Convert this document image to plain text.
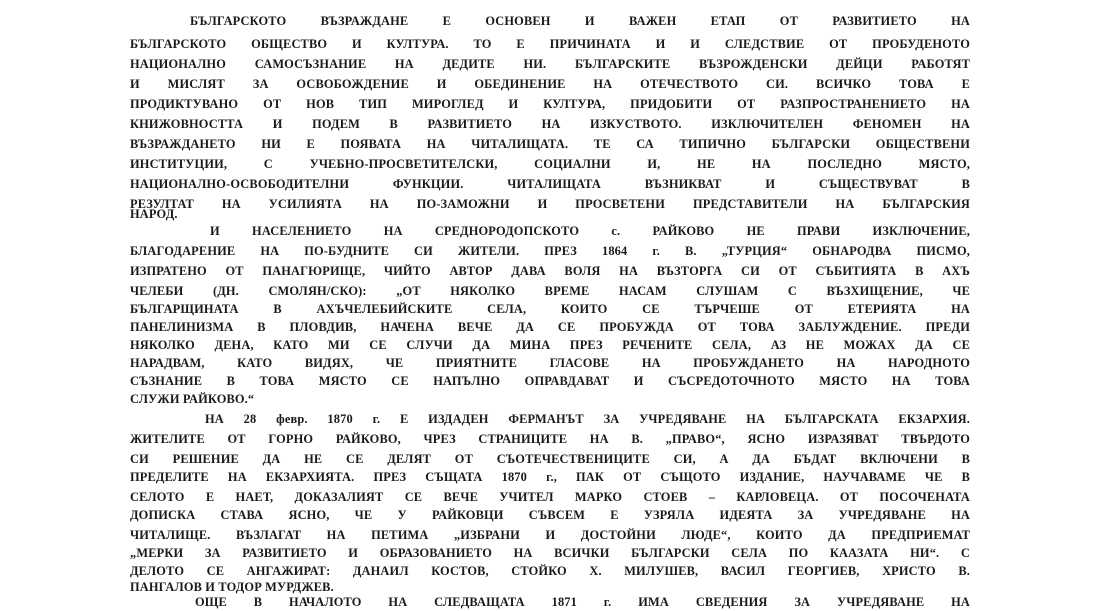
БЪЛГАРСКОТО ВЪЗРАЖДАНЕ Е ОСНОВЕН И ВАЖЕН ЕТАП ОТ РАЗВИТИЕТО НА
БЪЛГАРСКОТО ОБЩЕСТВО И КУЛТУРА. ТО Е ПРИЧИНАТА И И СЛЕДСТВИЕ ОТ ПРОБУДЕНОТО
НАЦИОНАЛНО САМОСЪЗНАНИЕ НА ДЕДИТЕ НИ. БЪЛГАРСКИТЕ ВЪЗРОЖДЕНСКИ ДЕЙЦИ РАБОТЯТ
И МИСЛЯТ ЗА ОСВОБОЖДЕНИЕ И ОБЕДИНЕНИЕ НА ОТЕЧЕСТВОТО СИ. ВСИЧКО ТОВА Е
ПРОДИКТУВАНО ОТ НОВ ТИП МИРОГЛЕД И КУЛТУРА, ПРИДОБИТИ ОТ РАЗПРОСТРАНЕНИЕТО НА
КНИЖОВНОСТТА И ПОДЕМ В РАЗВИТИЕТО НА ИЗКУСТВОТО. ИЗКЛЮЧИТЕЛЕН ФЕНОМЕН НА
ВЪЗРАЖДАНЕТО НИ Е ПОЯВАТА НА ЧИТАЛИЩАТА. ТЕ СА ТИПИЧНО БЪЛГАРСКИ ОБЩЕСТВЕНИ
ИНСТИТУЦИИ, С УЧЕБНО-ПРОСВЕТИТЕЛСКИ, СОЦИАЛНИ И, НЕ НА ПОСЛЕДНО МЯСТО,
НАЦИОНАЛНО-ОСВОБОДИТЕЛНИ ФУНКЦИИ. ЧИТАЛИЩАТА ВЪЗНИКВАТ И СЪЩЕСТВУВАТ В
РЕЗУЛТАТ НА УСИЛИЯТА НА ПО-ЗАМОЖНИ И ПРОСВЕТЕНИ ПРЕДСТАВИТЕЛИ НА БЪЛГАРСКИЯ
НАРОД.
И НАСЕЛЕНИЕТО НА СРЕДНОРОДОПСКОТО с. РАЙКОВО НЕ ПРАВИ ИЗКЛЮЧЕНИЕ,
БЛАГОДАРЕНИЕ НА ПО-БУДНИТЕ СИ ЖИТЕЛИ. ПРЕЗ 1864 г. В. „ТУРЦИЯ“ ОБНАРОДВА ПИСМО,
ИЗПРАТЕНО ОТ ПАНАГЮРИЩЕ, ЧИЙТО АВТОР ДАВА ВОЛЯ НА ВЪЗТОРГА СИ ОТ СЪБИТИЯТА В АХЪ
ЧЕЛЕБИ (ДН. СМОЛЯН/СКО): „ОТ НЯКОЛКО ВРЕМЕ НАСАМ СЛУШАМ С ВЪЗХИЩЕНИЕ, ЧЕ
БЪЛГАРЩИНАТА В АХЪЧЕЛЕБИЙСКИТЕ СЕЛА, КОИТО СЕ ТЪРЧЕШЕ ОТ ЕТЕРИЯТА НА
ПАНЕЛИНИЗМА В ПЛОВДИВ, НАЧЕНА ВЕЧЕ ДА СЕ ПРОБУЖДА ОТ ТОВА ЗАБЛУЖДЕНИЕ. ПРЕДИ
НЯКОЛКО ДЕНА, КАТО МИ СЕ СЛУЧИ ДА МИНА ПРЕЗ РЕЧЕНИТЕ СЕЛА, АЗ НЕ МОЖАХ ДА СЕ
НАРАДВАМ, КАТО ВИДЯХ, ЧЕ ПРИЯТНИТЕ ГЛАСОВЕ НА ПРОБУЖДАНЕТО НА НАРОДНОТО
СЪЗНАНИЕ В ТОВА МЯСТО СЕ НАПЪЛНО ОПРАВДАВАТ И СЪСРЕДОТОЧНОТО МЯСТО НА ТОВА
СЛУЖИ РАЙКОВО.“
НА 28 февр. 1870 г. Е ИЗДАДЕН ФЕРМАНЪТ ЗА УЧРЕДЯВАНЕ НА БЪЛГАРСКАТА ЕКЗАРХИЯ.
ЖИТЕЛИТЕ ОТ ГОРНО РАЙКОВО, ЧРЕЗ СТРАНИЦИТЕ НА В. „ПРАВО“, ЯСНО ИЗРАЗЯВАТ ТВЪРДОТО
СИ РЕШЕНИЕ ДА НЕ СЕ ДЕЛЯТ ОТ СЪОТЕЧЕСТВЕНИЦИТЕ СИ, А ДА БЪДАТ ВКЛЮЧЕНИ В
ПРЕДЕЛИТЕ НА ЕКЗАРХИЯТА. ПРЕЗ СЪЩАТА 1870 г., ПАК ОТ СЪЩОТО ИЗДАНИЕ, НАУЧАВАМЕ ЧЕ В
СЕЛОТО Е НАЕТ, ДОКАЗАЛИЯТ СЕ ВЕЧЕ УЧИТЕЛ МАРКО СТОЕВ – КАРЛОВЕЦА. ОТ ПОСОЧЕНАТА
ДОПИСКА СТАВА ЯСНО, ЧЕ У РАЙКОВЦИ СЪВСЕМ Е УЗРЯЛА ИДЕЯТА ЗА УЧРЕДЯВАНЕ НА
ЧИТАЛИЩЕ. ВЪЗЛАГАТ НА ПЕТИМА „ИЗБРАНИ И ДОСТОЙНИ ЛЮДЕ“, КОИТО ДА ПРЕДПРИЕМАТ
„МЕРКИ ЗА РАЗВИТИЕТО И ОБРАЗОВАНИЕТО НА ВСИЧКИ БЪЛГАРСКИ СЕЛА ПО КААЗАТА НИ“. С
ДЕЛОТО СЕ АНГАЖИРАТ: ДАНАИЛ КОСТОВ, СТОЙКО Х. МИЛУШЕВ, ВАСИЛ ГЕОРГИЕВ, ХРИСТО В.
ПАНГАЛОВ И ТОДОР МУРДЖЕВ.
ОЩЕ В НАЧАЛОТО НА СЛЕДВАЩАТА 1871 г. ИМА СВЕДЕНИЯ ЗА УЧРЕДЯВАНЕ НА
